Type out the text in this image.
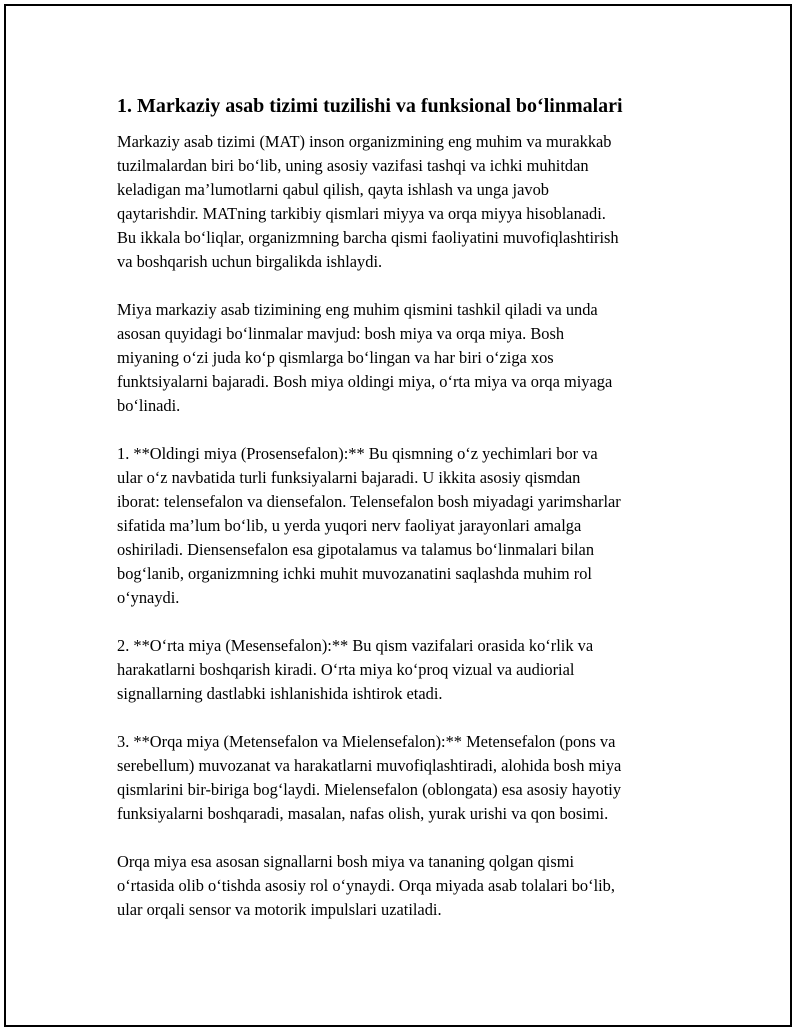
1. Markaziy asab tizimi tuzilishi va funksional bo‘linmalari

Markaziy asab tizimi (MAT) inson organizmining eng muhim va murakkab
tuzilmalardan biri bo‘lib, uning asosiy vazifasi tashqi va ichki muhitdan
keladigan ma’lumotlarni qabul qilish, qayta ishlash va unga javob
qaytarishdir. MATning tarkibiy qismlari miyya va orqa miyya hisoblanadi.
Bu ikkala bo‘liqlar, organizmning barcha qismi faoliyatini muvofiqlashtirish
va boshqarish uchun birgalikda ishlaydi.

Miya markaziy asab tizimining eng muhim qismini tashkil qiladi va unda
asosan quyidagi bo‘linmalar mavjud: bosh miya va orqa miya. Bosh
miyaning o‘zi juda ko‘p qismlarga bo‘lingan va har biri o‘ziga xos
funktsiyalarni bajaradi. Bosh miya oldingi miya, o‘rta miya va orqa miyaga
bo‘linadi.

1. **Oldingi miya (Prosensefalon):** Bu qismning o‘z yechimlari bor va
ular o‘z navbatida turli funksiyalarni bajaradi. U ikkita asosiy qismdan
iborat: telensefalon va diensefalon. Telensefalon bosh miyadagi yarimsharlar
sifatida ma’lum bo‘lib, u yerda yuqori nerv faoliyat jarayonlari amalga
oshiriladi. Diensensefalon esa gipotalamus va talamus bo‘linmalari bilan
bog‘lanib, organizmning ichki muhit muvozanatini saqlashda muhim rol
o‘ynaydi.

2. **O‘rta miya (Mesensefalon):** Bu qism vazifalari orasida ko‘rlik va
harakatlarni boshqarish kiradi. O‘rta miya ko‘proq vizual va audiorial
signallarning dastlabki ishlanishida ishtirok etadi.

3. **Orqa miya (Metensefalon va Mielensefalon):** Metensefalon (pons va
serebellum) muvozanat va harakatlarni muvofiqlashtiradi, alohida bosh miya
qismlarini bir-biriga bog‘laydi. Mielensefalon (oblongata) esa asosiy hayotiy
funksiyalarni boshqaradi, masalan, nafas olish, yurak urishi va qon bosimi.

Orqa miya esa asosan signallarni bosh miya va tananing qolgan qismi
o‘rtasida olib o‘tishda asosiy rol o‘ynaydi. Orqa miyada asab tolalari bo‘lib,
ular orqali sensor va motorik impulslari uzatiladi.
